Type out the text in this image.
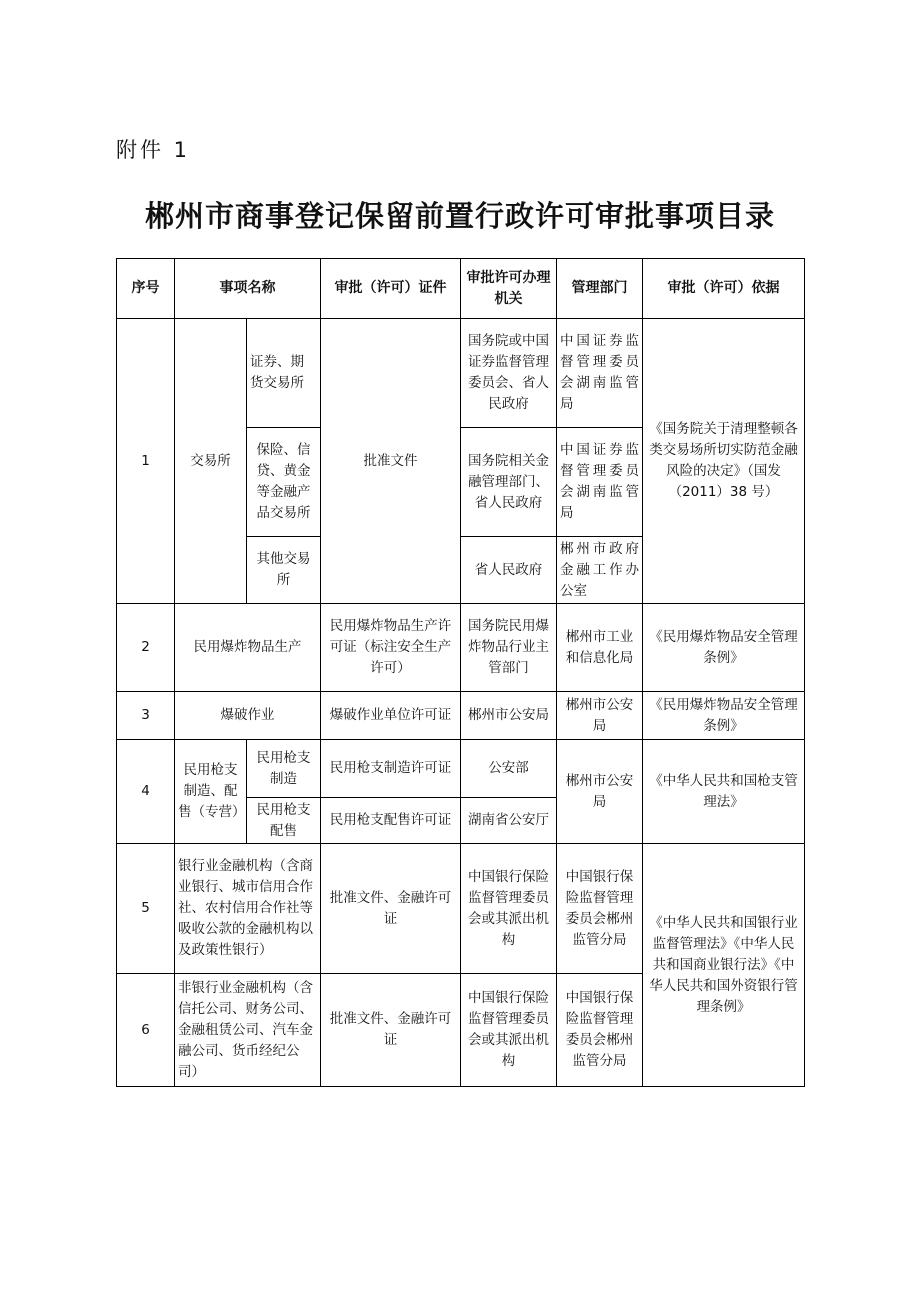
附件 1
郴州市商事登记保留前置行政许可审批事项目录
序号	事项名称		审批（许可）证件	审批许可办理机关	管理部门	审批（许可）依据
1	交易所	证券、期货交易所	批准文件	国务院或中国证券监督管理委员会、省人民政府	中国证券监督管理委员会湖南监管局	《国务院关于清理整顿各类交易场所切实防范金融风险的决定》（国发（2011）38 号）
		保险、信贷、黄金等金融产品交易所		国务院相关金融管理部门、省人民政府	中国证券监督管理委员会湖南监管局	
		其他交易所		省人民政府	郴州市政府金融工作办公室	
2	民用爆炸物品生产		民用爆炸物品生产许可证（标注安全生产许可）	国务院民用爆炸物品行业主管部门	郴州市工业和信息化局	《民用爆炸物品安全管理条例》
3	爆破作业		爆破作业单位许可证	郴州市公安局	郴州市公安局	《民用爆炸物品安全管理条例》
4	民用枪支制造、配售（专营）	民用枪支制造	民用枪支制造许可证	公安部	郴州市公安局	《中华人民共和国枪支管理法》
		民用枪支配售	民用枪支配售许可证	湖南省公安厅		
5	银行业金融机构（含商业银行、城市信用合作社、农村信用合作社等吸收公款的金融机构以及政策性银行）		批准文件、金融许可证	中国银行保险监督管理委员会或其派出机构	中国银行保险监督管理委员会郴州监管分局	《中华人民共和国银行业监督管理法》《中华人民共和国商业银行法》《中华人民共和国外资银行管理条例》
6	非银行业金融机构（含信托公司、财务公司、金融租赁公司、汽车金融公司、货币经纪公司）		批准文件、金融许可证	中国银行保险监督管理委员会或其派出机构	中国银行保险监督管理委员会郴州监管分局	
